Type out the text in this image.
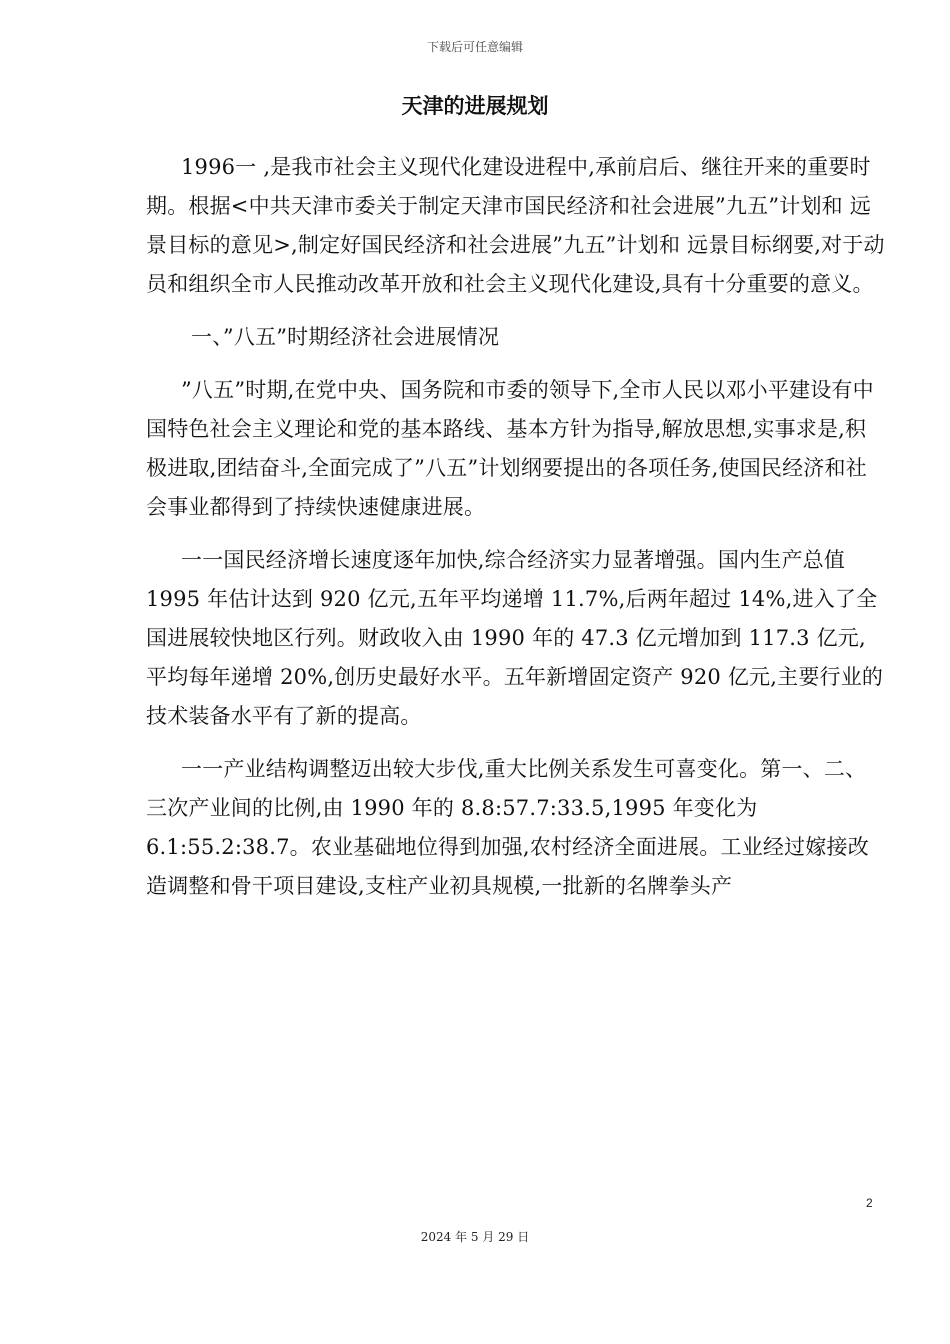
下载后可任意编辑
天津的进展规划

1996一 ,是我市社会主义现代化建设进程中,承前启后、继往开来的重要时期。根据<中共天津市委关于制定天津市国民经济和社会进展”九五”计划和 远景目标的意见>,制定好国民经济和社会进展”九五”计划和 远景目标纲要,对于动员和组织全市人民推动改革开放和社会主义现代化建设,具有十分重要的意义。

一、”八五”时期经济社会进展情况

”八五”时期,在党中央、国务院和市委的领导下,全市人民以邓小平建设有中国特色社会主义理论和党的基本路线、基本方针为指导,解放思想,实事求是,积极进取,团结奋斗,全面完成了”八五”计划纲要提出的各项任务,使国民经济和社会事业都得到了持续快速健康进展。

一一国民经济增长速度逐年加快,综合经济实力显著增强。国内生产总值 1995 年估计达到 920 亿元,五年平均递增 11.7%,后两年超过 14%,进入了全国进展较快地区行列。财政收入由 1990 年的 47.3 亿元增加到 117.3 亿元,平均每年递增 20%,创历史最好水平。五年新增固定资产 920 亿元,主要行业的技术装备水平有了新的提高。

一一产业结构调整迈出较大步伐,重大比例关系发生可喜变化。第一、二、三次产业间的比例,由 1990 年的 8.8:57.7:33.5,1995 年变化为 6.1:55.2:38.7。农业基础地位得到加强,农村经济全面进展。工业经过嫁接改造调整和骨干项目建设,支柱产业初具规模,一批新的名牌拳头产

2
2024 年 5 月 29 日
